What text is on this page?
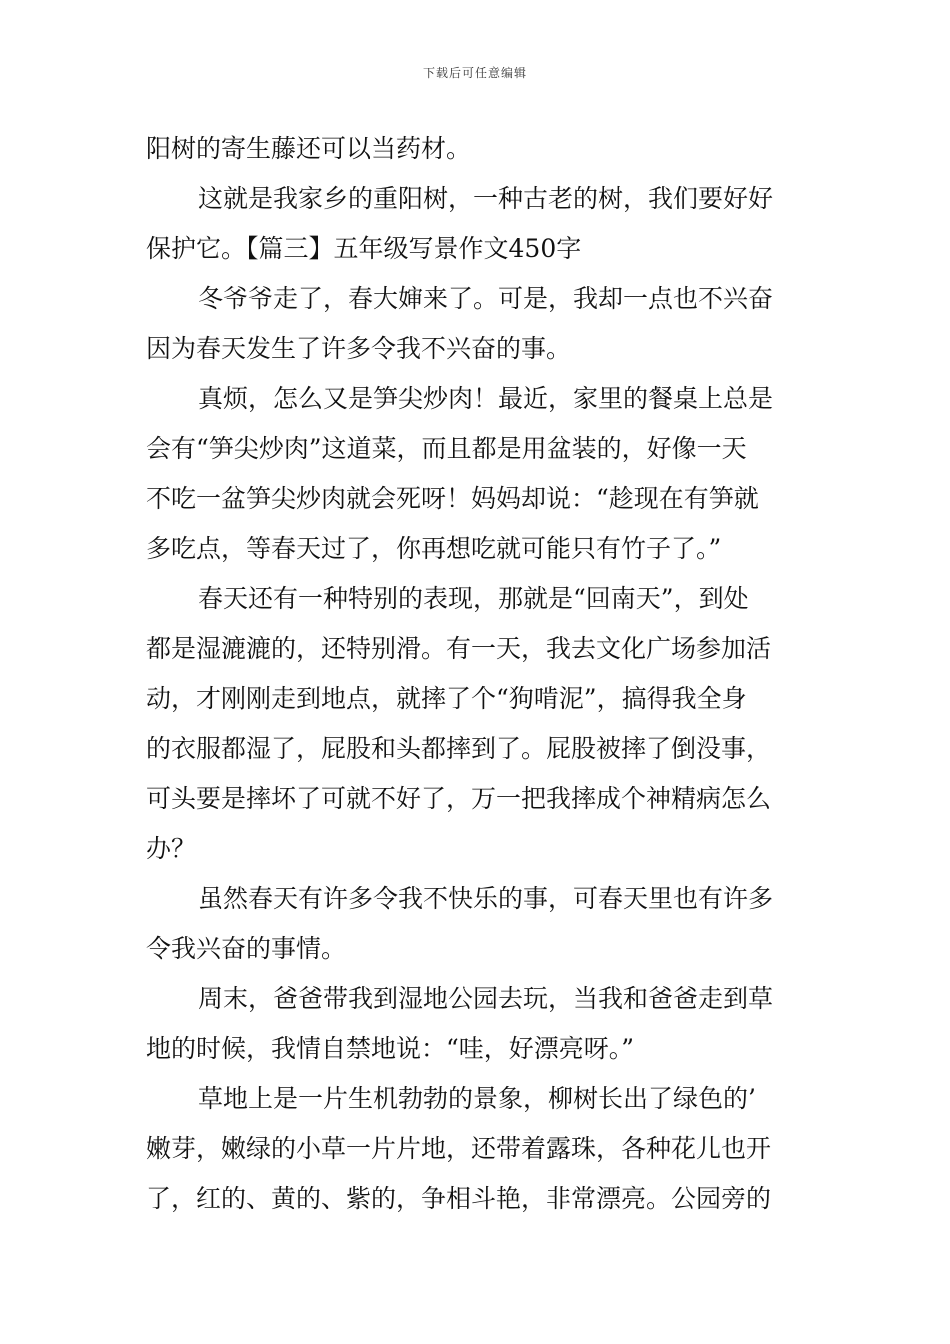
下载后可任意编辑
阳树的寄生藤还可以当药材。
这就是我家乡的重阳树，一种古老的树，我们要好好
保护它。【篇三】五年级写景作文450字
冬爷爷走了，春大婶来了。可是，我却一点也不兴奋
因为春天发生了许多令我不兴奋的事。
真烦，怎么又是笋尖炒肉！最近，家里的餐桌上总是
会有“笋尖炒肉”这道菜，而且都是用盆装的，好像一天
不吃一盆笋尖炒肉就会死呀！妈妈却说：“趁现在有笋就
多吃点，等春天过了，你再想吃就可能只有竹子了。”
春天还有一种特别的表现，那就是“回南天”，到处
都是湿漉漉的，还特别滑。有一天，我去文化广场参加活
动，才刚刚走到地点，就摔了个“狗啃泥”，搞得我全身
的衣服都湿了，屁股和头都摔到了。屁股被摔了倒没事，
可头要是摔坏了可就不好了，万一把我摔成个神精病怎么
办？
虽然春天有许多令我不快乐的事，可春天里也有许多
令我兴奋的事情。
周末，爸爸带我到湿地公园去玩，当我和爸爸走到草
地的时候，我情自禁地说：“哇，好漂亮呀。”
草地上是一片生机勃勃的景象，柳树长出了绿色的’
嫩芽，嫩绿的小草一片片地，还带着露珠，各种花儿也开
了，红的、黄的、紫的，争相斗艳，非常漂亮。公园旁的
